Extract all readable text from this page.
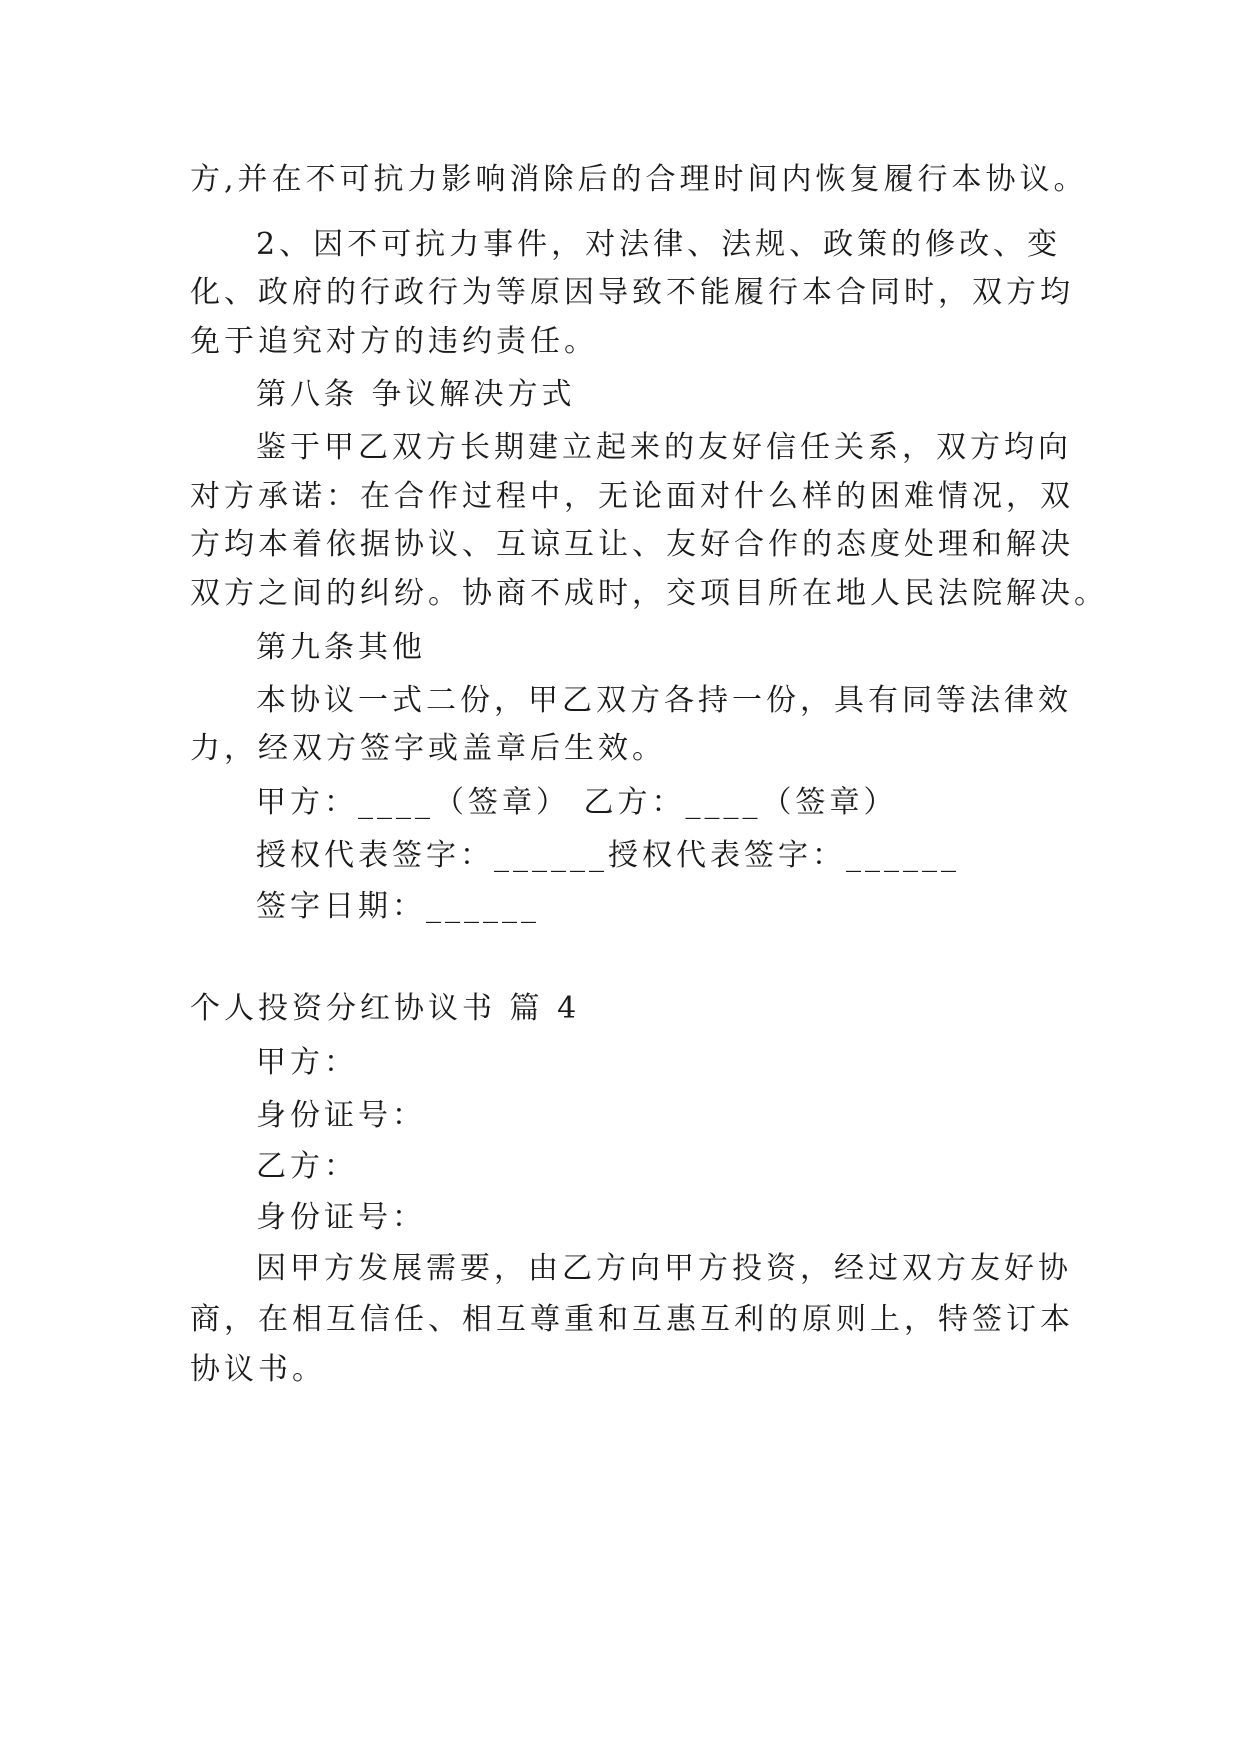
方,并在不可抗力影响消除后的合理时间内恢复履行本协议。
2、因不可抗力事件，对法律、法规、政策的修改、变
化、政府的行政行为等原因导致不能履行本合同时，双方均
免于追究对方的违约责任。
第八条 争议解决方式
鉴于甲乙双方长期建立起来的友好信任关系，双方均向
对方承诺：在合作过程中，无论面对什么样的困难情况，双
方均本着依据协议、互谅互让、友好合作的态度处理和解决
双方之间的纠纷。协商不成时，交项目所在地人民法院解决。
第九条其他
本协议一式二份，甲乙双方各持一份，具有同等法律效
力，经双方签字或盖章后生效。
甲方：____（签章） 乙方：____（签章）
授权代表签字：______授权代表签字：______
签字日期：______
个人投资分红协议书 篇 4
甲方：
身份证号：
乙方：
身份证号：
因甲方发展需要，由乙方向甲方投资，经过双方友好协
商，在相互信任、相互尊重和互惠互利的原则上，特签订本
协议书。
